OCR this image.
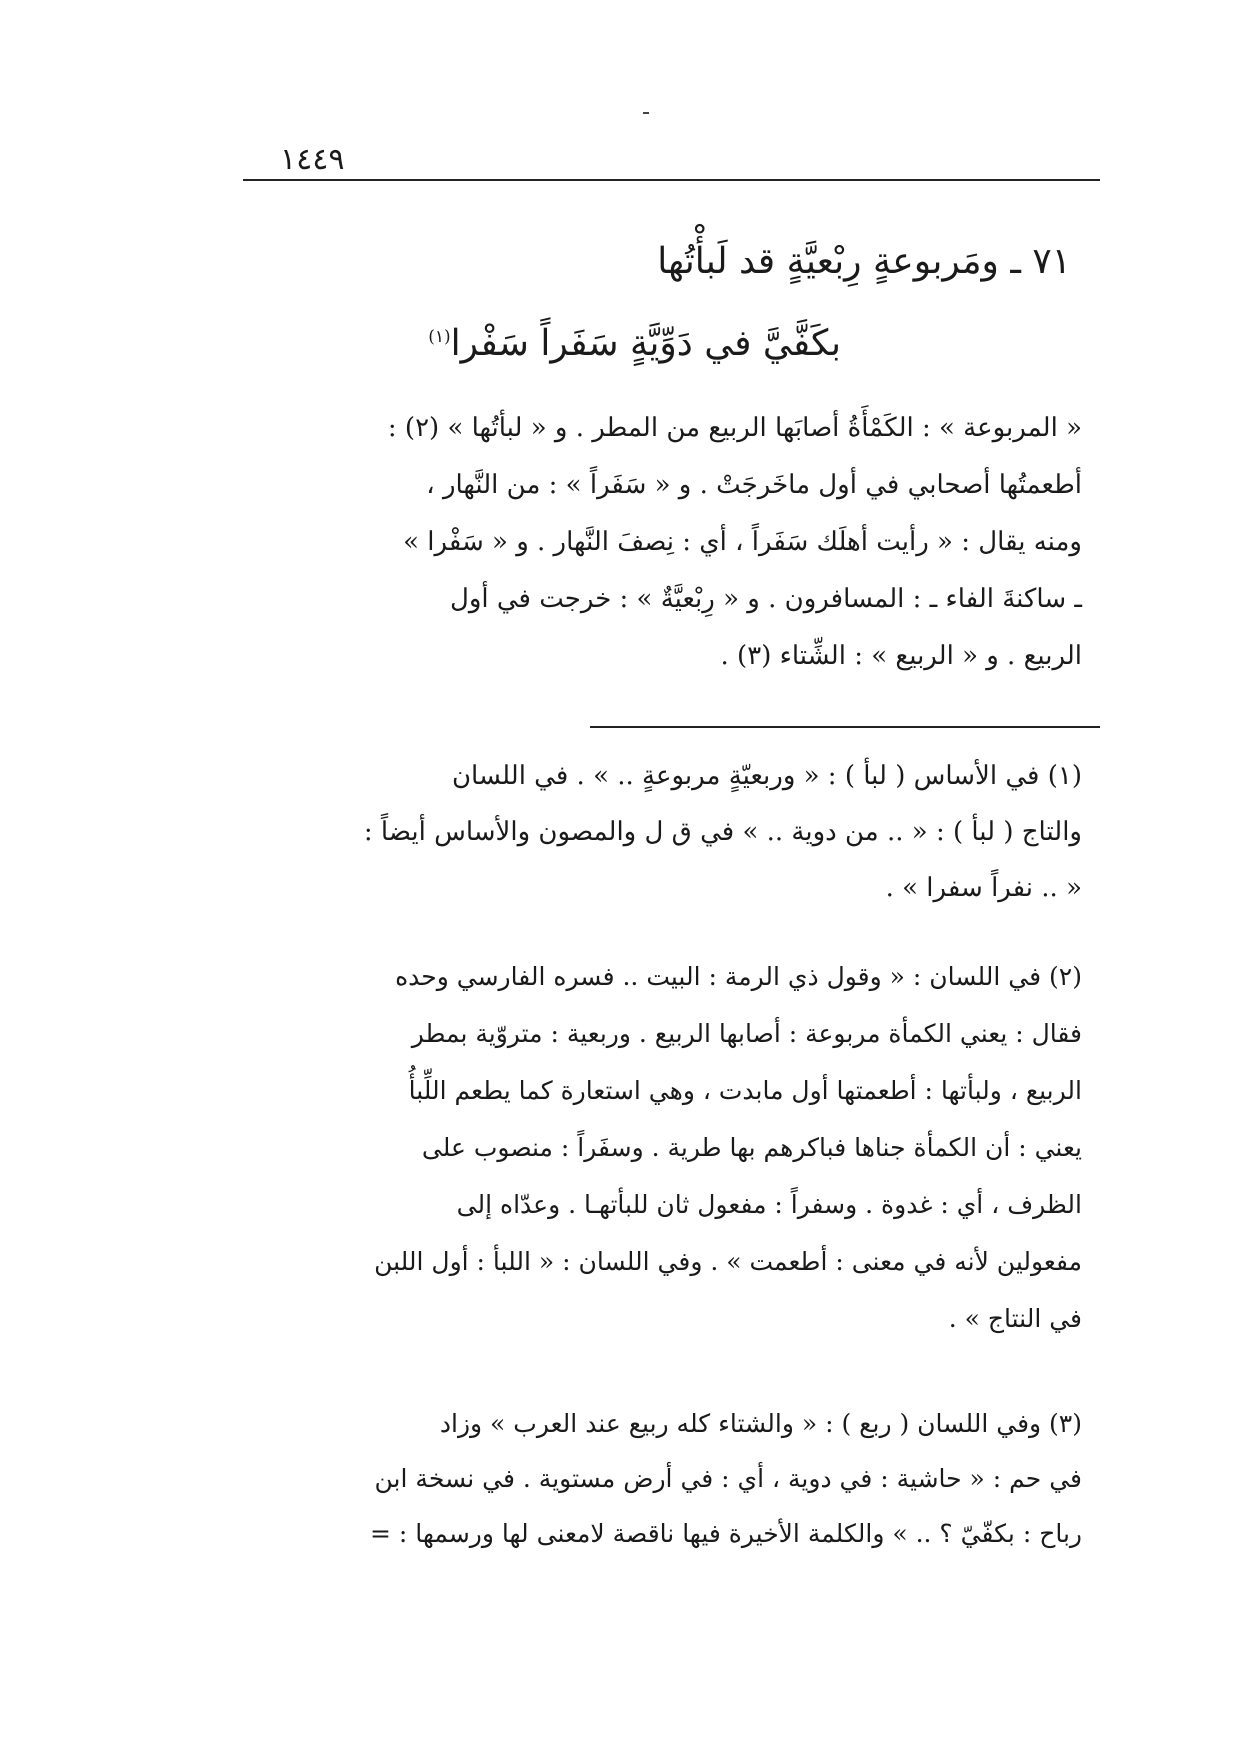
١٤٤٩
٧١ ـ ومَربوعةٍ رِبْعيَّةٍ قد لَبأْتُها
بكَفَّيَّ في دَوِّيَّةٍ سَفَراً سَفْرا$^{(١)}$

« المربوعة » : الكَمْأَةُ أصابَها الربيع من المطر . و « لبأتُها » (٢) :
أطعمتُها أصحابي في أول ماخَرجَتْ . و « سَفَراً » : من النَّهار ،
ومنه يقال : « رأيت أهلَك سَفَراً ، أي : نِصفَ النَّهار . و « سَفْرا »
ـ ساكنةَ الفاء ـ : المسافرون . و « رِبْعيَّةٌ » : خرجت في أول
الربيع . و « الربيع » : الشِّتاء (٣) .

(١) في الأساس ( لبأ ) : « وربعيّةٍ مربوعةٍ .. » . في اللسان
والتاج ( لبأ ) : « .. من دوية .. » في ق ل والمصون والأساس أيضاً :
« .. نفراً سفرا » .

(٢) في اللسان : « وقول ذي الرمة : البيت .. فسره الفارسي وحده
فقال : يعني الكمأة مربوعة : أصابها الربيع . وربعية : متروّية بمطر
الربيع ، ولبأتها : أطعمتها أول مابدت ، وهي استعارة كما يطعم اللِّبأُ
يعني : أن الكمأة جناها فباكرهم بها طرية . وسفَراً : منصوب على
الظرف ، أي : غدوة . وسفراً : مفعول ثان للبأتهـا . وعدّاه إلى
مفعولين لأنه في معنى : أطعمت » . وفي اللسان : « اللبأ : أول اللبن
في النتاج » .

(٣) وفي اللسان ( ربع ) : « والشتاء كله ربيع عند العرب » وزاد
في حم : « حاشية : في دوية ، أي : في أرض مستوية . في نسخة ابن
رباح : بكفّيّ ؟ .. » والكلمة الأخيرة فيها ناقصة لامعنى لها ورسمها : =
